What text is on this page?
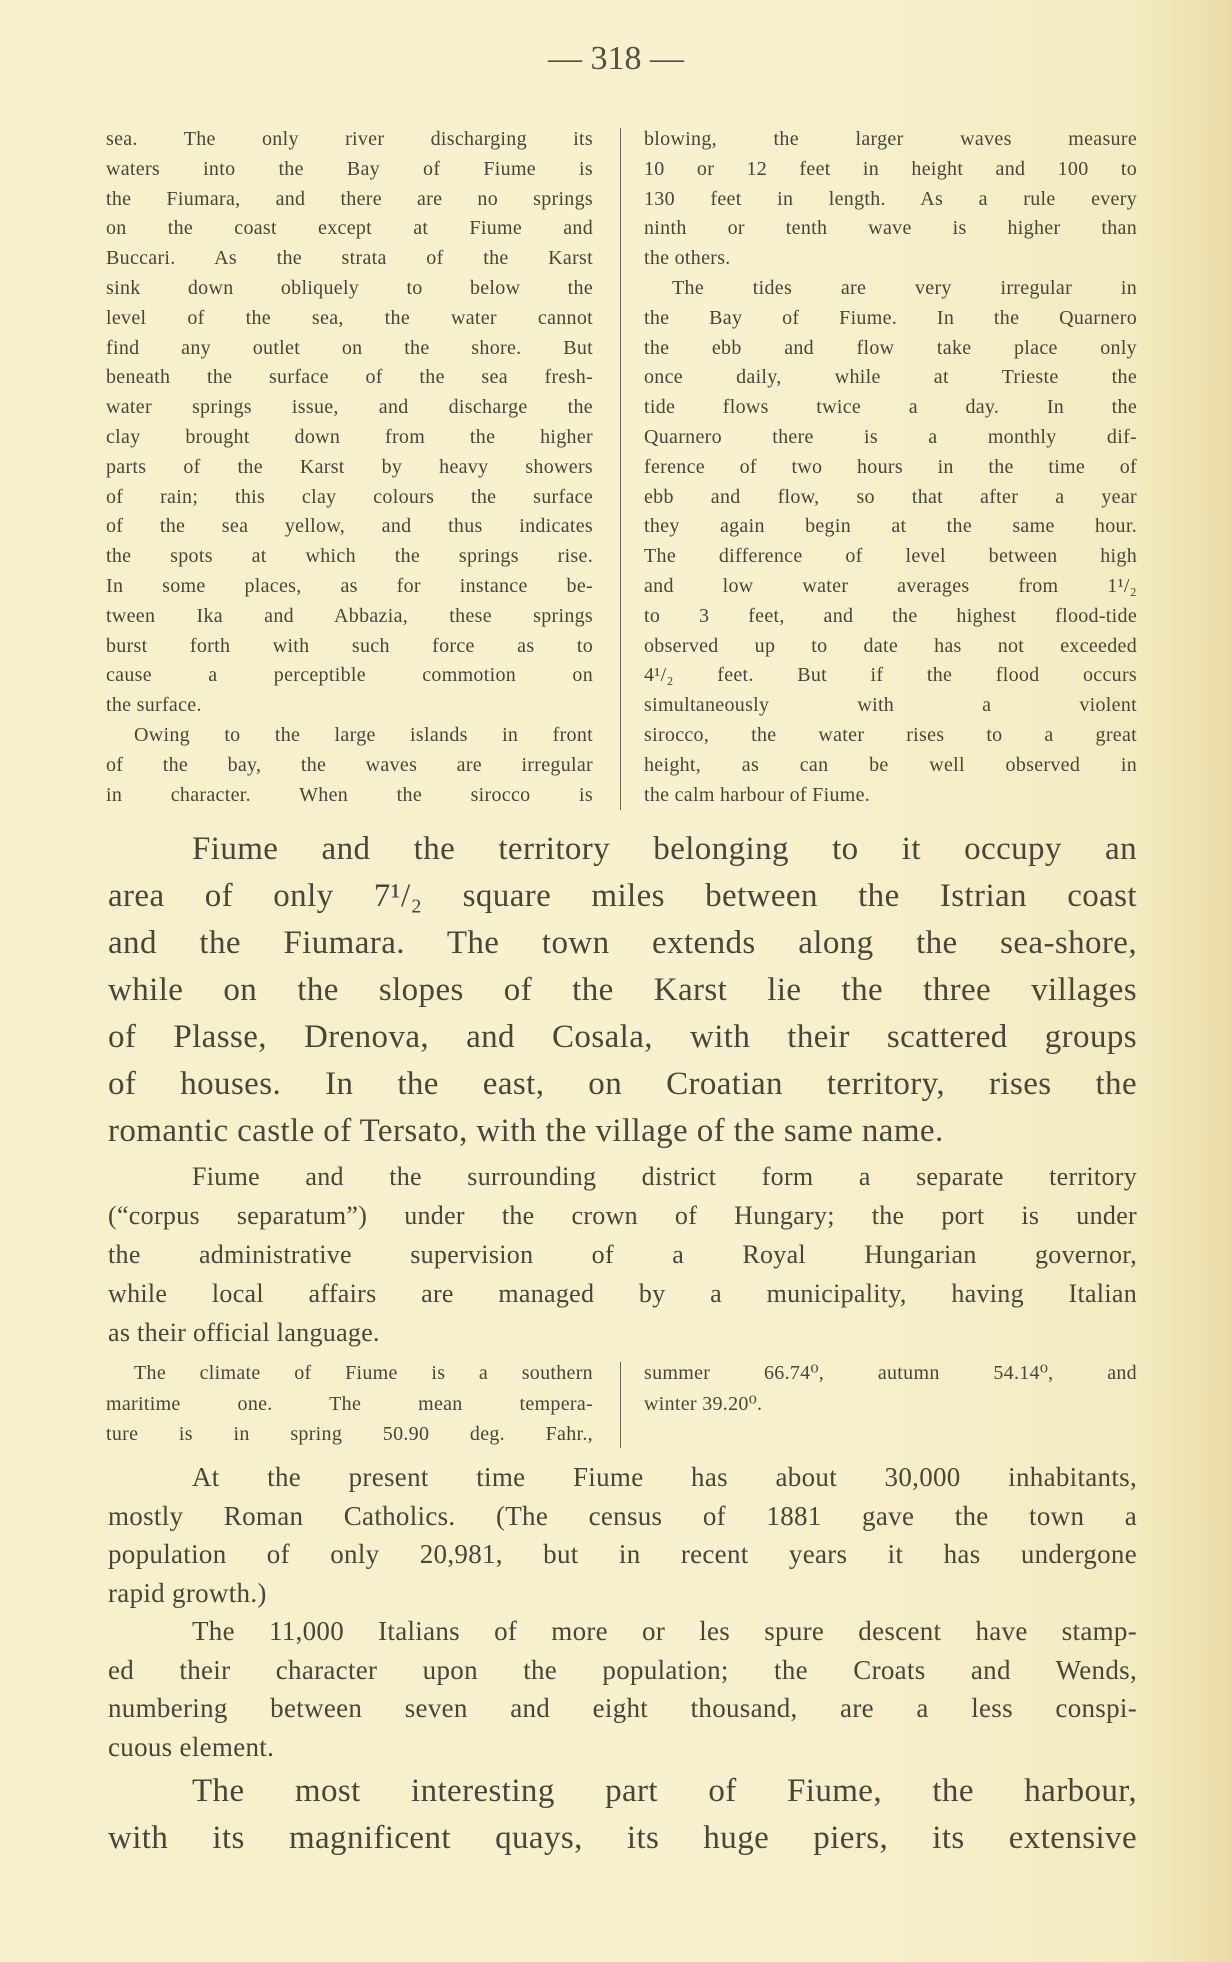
— 318 —
sea. The only river discharging its
waters into the Bay of Fiume is
the Fiumara, and there are no springs
on the coast except at Fiume and
Buccari. As the strata of the Karst
sink down obliquely to below the
level of the sea, the water cannot
find any outlet on the shore. But
beneath the surface of the sea fresh-
water springs issue, and discharge the
clay brought down from the higher
parts of the Karst by heavy showers
of rain; this clay colours the surface
of the sea yellow, and thus indicates
the spots at which the springs rise.
In some places, as for instance be-
tween Ika and Abbazia, these springs
burst forth with such force as to
cause a perceptible commotion on
the surface.
Owing to the large islands in front
of the bay, the waves are irregular
in character. When the sirocco is
blowing, the larger waves measure
10 or 12 feet in height and 100 to
130 feet in length. As a rule every
ninth or tenth wave is higher than
the others.
The tides are very irregular in
the Bay of Fiume. In the Quarnero
the ebb and flow take place only
once daily, while at Trieste the
tide flows twice a day. In the
Quarnero there is a monthly dif-
ference of two hours in the time of
ebb and flow, so that after a year
they again begin at the same hour.
The difference of level between high
and low water averages from 1¹/₂
to 3 feet, and the highest flood-tide
observed up to date has not exceeded
4¹/₂ feet. But if the flood occurs
simultaneously with a violent
sirocco, the water rises to a great
height, as can be well observed in
the calm harbour of Fiume.
Fiume and the territory belonging to it occupy an
area of only 7¹/₂ square miles between the Istrian coast
and the Fiumara. The town extends along the sea-shore,
while on the slopes of the Karst lie the three villages
of Plasse, Drenova, and Cosala, with their scattered groups
of houses. In the east, on Croatian territory, rises the
romantic castle of Tersato, with the village of the same name.
Fiume and the surrounding district form a separate territory
(“corpus separatum”) under the crown of Hungary; the port is under
the administrative supervision of a Royal Hungarian governor,
while local affairs are managed by a municipality, having Italian
as their official language.
The climate of Fiume is a southern
maritime one. The mean tempera-
ture is in spring 50.90 deg. Fahr.,
summer 66.74⁰, autumn 54.14⁰, and
winter 39.20⁰.
At the present time Fiume has about 30,000 inhabitants,
mostly Roman Catholics. (The census of 1881 gave the town a
population of only 20,981, but in recent years it has undergone
rapid growth.)
The 11,000 Italians of more or les spure descent have stamp-
ed their character upon the population; the Croats and Wends,
numbering between seven and eight thousand, are a less conspi-
cuous element.
The most interesting part of Fiume, the harbour,
with its magnificent quays, its huge piers, its extensive
